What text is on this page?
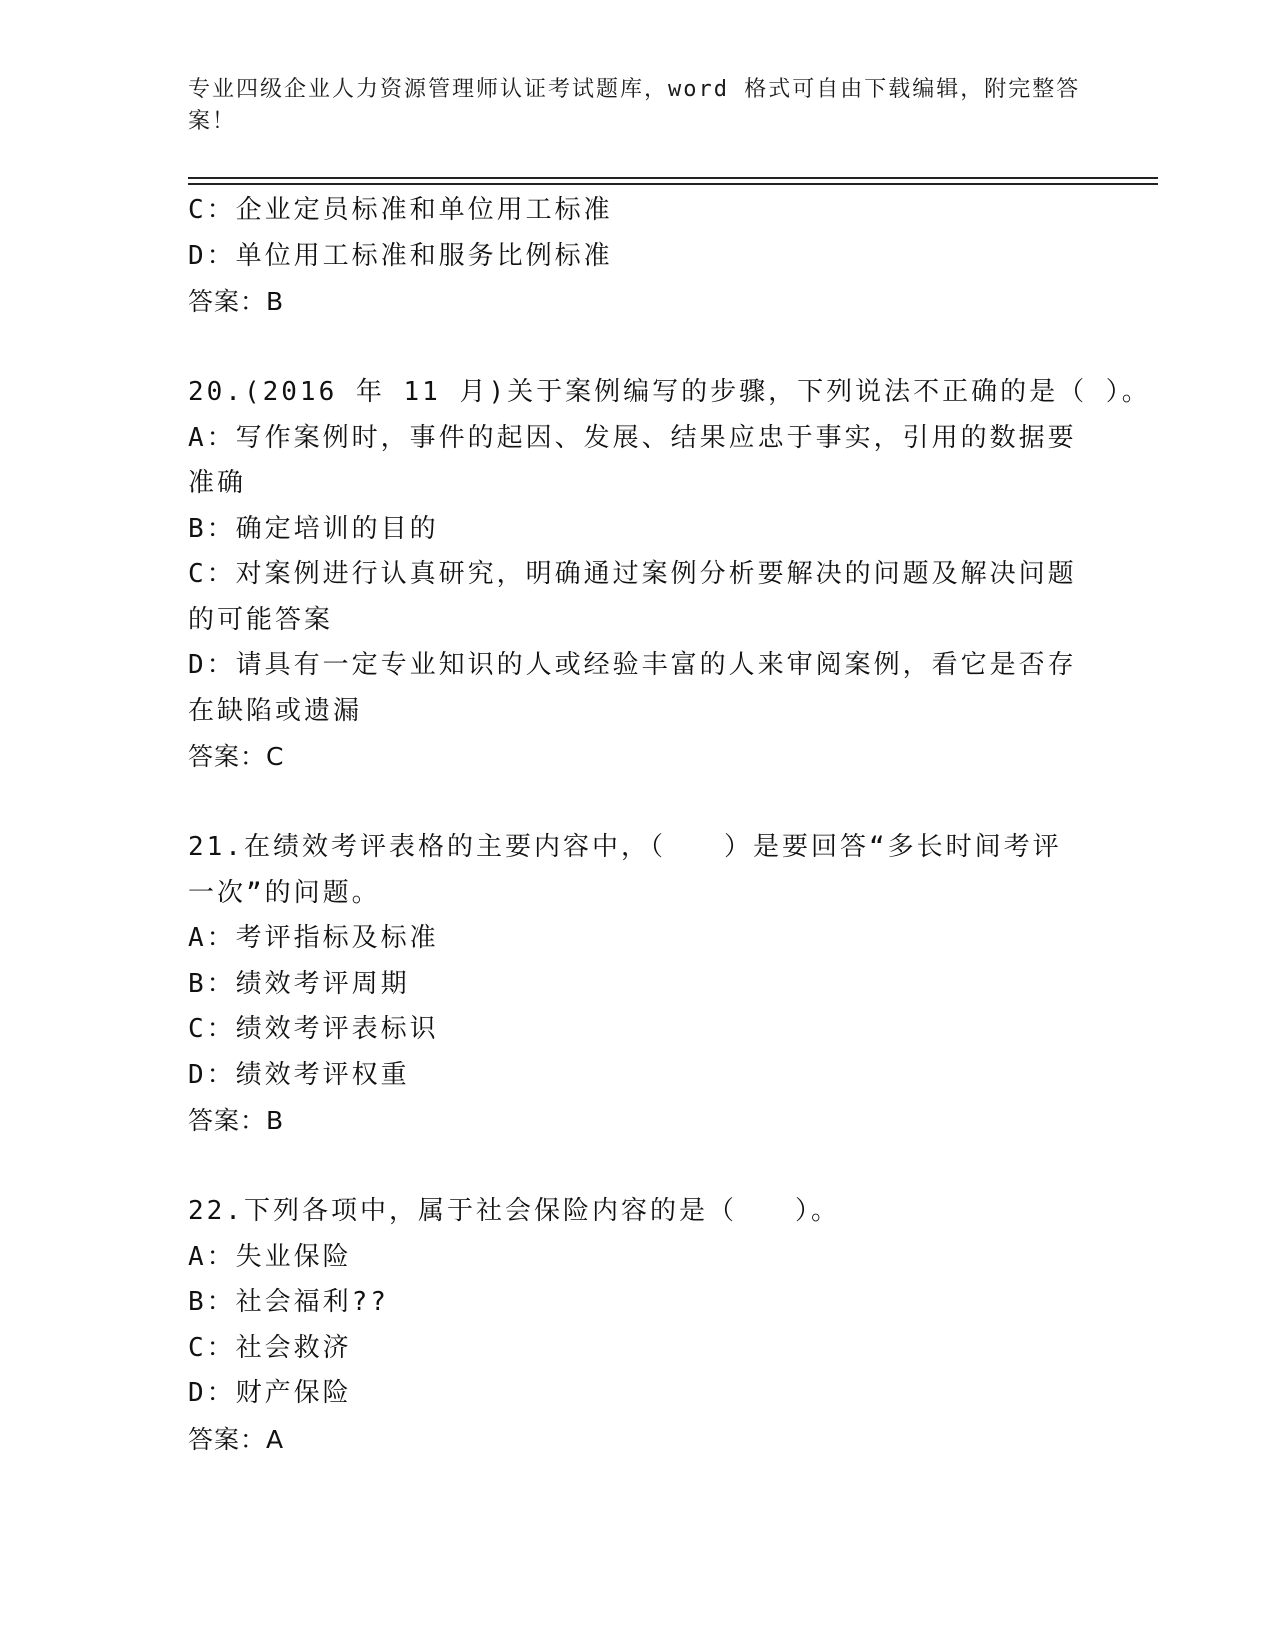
专业四级企业人力资源管理师认证考试题库，word 格式可自由下载编辑，附完整答案！
C：企业定员标准和单位用工标准
D：单位用工标准和服务比例标准
答案：B
20.(2016 年 11 月)关于案例编写的步骤，下列说法不正确的是（ ）。
A：写作案例时，事件的起因、发展、结果应忠于事实，引用的数据要
准确
B：确定培训的目的
C：对案例进行认真研究，明确通过案例分析要解决的问题及解决问题
的可能答案
D：请具有一定专业知识的人或经验丰富的人来审阅案例，看它是否存
在缺陷或遗漏
答案：C
21.在绩效考评表格的主要内容中，（　　）是要回答“多长时间考评
一次”的问题。
A：考评指标及标准
B：绩效考评周期
C：绩效考评表标识
D：绩效考评权重
答案：B
22.下列各项中，属于社会保险内容的是（　　）。
A：失业保险
B：社会福利??
C：社会救济
D：财产保险
答案：A
